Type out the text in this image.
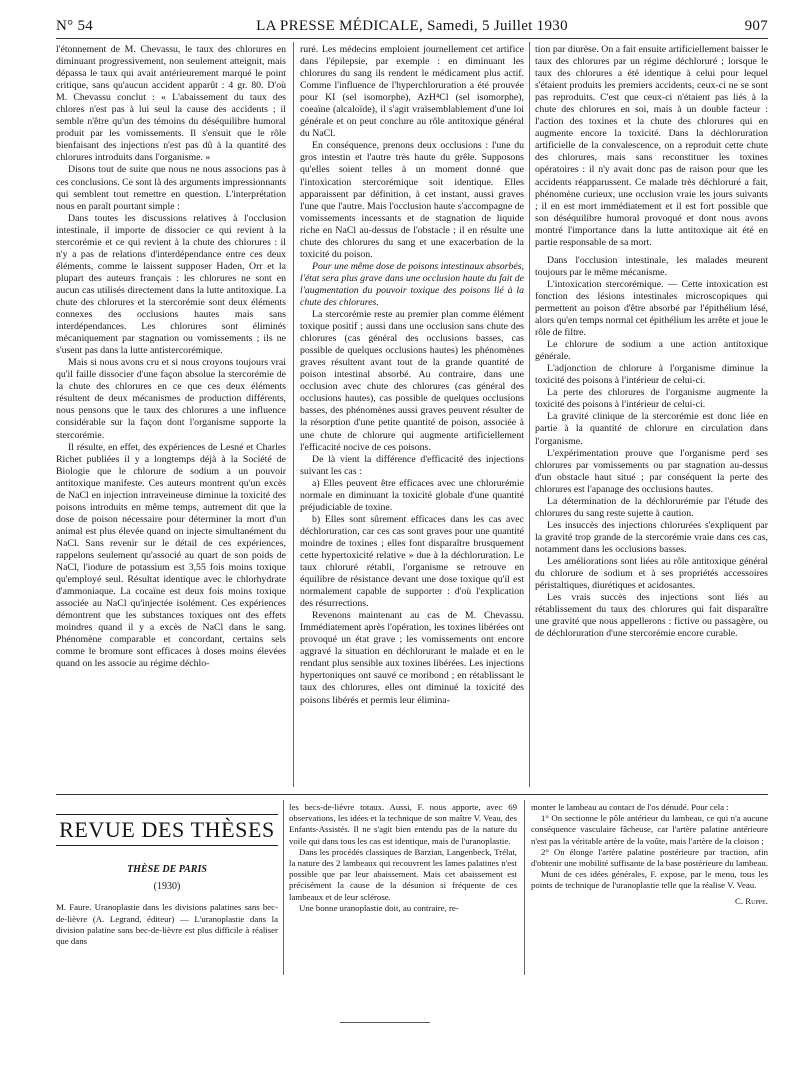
N° 54	LA PRESSE MÉDICALE, Samedi, 5 Juillet 1930	907

l'étonnement de M. Chevassu, le taux des chlorures en diminuant progressivement, non seulement atteignit, mais dépassa le taux qui avait antérieurement marqué le point critique, sans qu'aucun accident apparût : 4 gr. 80. D'où M. Chevassu conclut : « L'abaissement du taux des chlores n'est pas à lui seul la cause des accidents ; il semble n'être qu'un des témoins du déséquilibre humoral produit par les vomissements. Il s'ensuit que le rôle bienfaisant des injections n'est pas dû à la quantité des chlorures introduits dans l'organisme. »

Disons tout de suite que nous ne nous associons pas à ces conclusions. Ce sont là des arguments impressionnants qui semblent tout remettre en question. L'interprétation nous en paraît pourtant simple :

Dans toutes les discussions relatives à l'occlusion intestinale, il importe de dissocier ce qui revient à la stercorémie et ce qui revient à la chute des chlorures : il n'y a pas de relations d'interdépendance entre ces deux éléments, comme le laissent supposer Haden, Orr et la plupart des auteurs français : les chlorures ne sont en aucun cas utilisés directement dans la lutte antitoxique. La chute des chlorures et la stercorémie sont deux éléments connexes des occlusions hautes mais sans interdépendances. Les chlorures sont éliminés mécaniquement par stagnation ou vomissements ; ils ne s'usent pas dans la lutte antistercorémique.

Mais si nous avons cru et si nous croyons toujours vrai qu'il faille dissocier d'une façon absolue la stercorémie de la chute des chlorures en ce que ces deux éléments résultent de deux mécanismes de production différents, nous pensons que le taux des chlorures a une influence considérable sur la façon dont l'organisme supporte la stercorémie.

Il résulte, en effet, des expériences de Lesné et Charles Richet publiées il y a longtemps déjà à la Société de Biologie que le chlorure de sodium a un pouvoir antitoxique manifeste. Ces auteurs montrent qu'un excès de NaCl en injection intraveineuse diminue la toxicité des poisons introduits en même temps, autrement dit que la dose de poison nécessaire pour déterminer la mort d'un animal est plus élevée quand on injecte simultanément du NaCl. Sans revenir sur le détail de ces expériences, rappelons seulement qu'associé au quart de son poids de NaCl, l'iodure de potassium est 3,55 fois moins toxique qu'employé seul. Résultat identique avec le chlorhydrate d'ammoniaque. La cocaïne est deux fois moins toxique associée au NaCl qu'injectée isolément. Ces expériences démontrent que les substances toxiques ont des effets moindres quand il y a excès de NaCl dans le sang. Phénomène comparable et concordant, certains sels comme le bromure sont efficaces à doses moins élevées quand on les associe au régime déchlo-

ruré. Les médecins emploient journellement cet artifice dans l'épilepsie, par exemple : en diminuant les chlorures du sang ils rendent le médicament plus actif. Comme l'influence de l'hyperchloruration a été prouvée pour KI (sel isomorphe), AzH⁴Cl (sel isomorphe), coeaïne (alcaloïde), il s'agit vraisemblablement d'une loi générale et on peut conclure au rôle antitoxique général du NaCl.

En conséquence, prenons deux occlusions : l'une du gros intestin et l'autre très haute du grêle. Supposons qu'elles soient telles à un moment donné que l'intoxication stercorémique soit identique. Elles apparaissent par définition, à cet instant, aussi graves l'une que l'autre. Mais l'occlusion haute s'accompagne de vomissements incessants et de stagnation de liquide riche en NaCl au-dessus de l'obstacle ; il en résulte une chute des chlorures du sang et une exacerbation de la toxicité du poison.

Pour une même dose de poisons intestinaux absorbés, l'état sera plus grave dans une occlusion haute du fait de l'augmentation du pouvoir toxique des poisons lié à la chute des chlorures.

La stercorémie reste au premier plan comme élément toxique positif ; aussi dans une occlusion sans chute des chlorures (cas général des occlusions basses, cas possible de quelques occlusions hautes) les phénomènes graves résultent avant tout de la grande quantité de poison intestinal absorbé. Au contraire, dans une occlusion avec chute des chlorures (cas général des occlusions hautes), cas possible de quelques occlusions basses, des phénomènes aussi graves peuvent résulter de la résorption d'une petite quantité de poison, associée à une chute de chlorure qui augmente artificiellement l'efficacité nocive de ces poisons.

De là vient la différence d'efficacité des injections suivant les cas :

a) Elles peuvent être efficaces avec une chlorurémie normale en diminuant la toxicité globale d'une quantité préjudiciable de toxine.

b) Elles sont sûrement efficaces dans les cas avec déchloruration, car ces cas sont graves pour une quantité moindre de toxines ; elles font disparaître brusquement cette hypertoxicité relative » due à la déchloruration. Le taux chloruré rétabli, l'organisme se retrouve en équilibre de résistance devant une dose toxique qu'il est normalement capable de supporter : d'où l'explication des résurrections.

Revenons maintenant au cas de M. Chevassu. Immédiatement après l'opération, les toxines libérées ont provoqué un état grave ; les vomissements ont encore aggravé la situation en déchlorurant le malade et en le rendant plus sensible aux toxines libérées. Les injections hypertoniques ont sauvé ce moribond ; en rétablissant le taux des chlorures, elles ont diminué la toxicité des poisons libérés et permis leur élimina-

tion par diurèse. On a fait ensuite artificiellement baisser le taux des chlorures par un régime déchloruré ; lorsque le taux des chlorures a été identique à celui pour lequel s'étaient produits les premiers accidents, ceux-ci ne se sont pas reproduits. C'est que ceux-ci n'étaient pas liés à la chute des chlorures en soi, mais à un double facteur : l'action des toxines et la chute des chlorures qui en augmente encore la toxicité. Dans la déchloruration artificielle de la convalescence, on a reproduit cette chute des chlorures, mais sans reconstituer les toxines opératoires : il n'y avait donc pas de raison pour que les accidents réapparussent. Ce malade très déchloruré a fait, phénomène curieux, une occlusion vraie les jours suivants ; il en est mort immédiatement et il est fort possible que son déséquilibre humoral provoqué et dont nous avons montré l'importance dans la lutte antitoxique ait été en partie responsable de sa mort.

Dans l'occlusion intestinale, les malades meurent toujours par le même mécanisme.

L'intoxication stercorémique. — Cette intoxication est fonction des lésions intestinales microscopiques qui permettent au poison d'être absorbé par l'épithélium lésé, alors qu'en temps normal cet épithélium les arrête et joue le rôle de filtre.

Le chlorure de sodium a une action antitoxique générale.

L'adjonction de chlorure à l'organisme diminue la toxicité des poisons à l'intérieur de celui-ci.

La perte des chlorures de l'organisme augmente la toxicité des poisons à l'intérieur de celui-ci.

La gravité clinique de la stercorémie est donc liée en partie à la quantité de chlorure en circulation dans l'organisme.

L'expérimentation prouve que l'organisme perd ses chlorures par vomissements ou par stagnation au-dessus d'un obstacle haut situé ; par conséquent la perte des chlorures est l'apanage des occlusions hautes.

La détermination de la déchlorurémie par l'étude des chlorures du sang reste sujette à caution.

Les insuccès des injections chlorurées s'expliquent par la gravité trop grande de la stercorémie vraie dans ces cas, notamment dans les occlusions basses.

Les améliorations sont liées au rôle antitoxique général du chlorure de sodium et à ses propriétés accessoires péristaltiques, diurétiques et acidosantes.

Les vrais succès des injections sont liés au rétablissement du taux des chlorures qui fait disparaître une gravité que nous appellerons : fictive ou passagère, ou de déchloruration d'une stercorémie encore curable.

REVUE DES THÈSES
THÈSE DE PARIS
(1930)

M. Faure. Uranoplastie dans les divisions palatines sans bec-de-lièvre (A. Legrand, éditeur) — L'uranoplastie dans la division palatine sans bec-de-lièvre est plus difficile à réaliser que dans

les becs-de-lièvre totaux. Aussi, F. nous apporte, avec 69 observations, les idées et la technique de son maître V. Veau, des Enfants-Assistés. Il ne s'agit bien entendu pas de la nature du voile qui dans tous les cas est identique, mais de l'uranoplastie.

Dans les procédés classiques de Barzian, Langenbeck, Trélat, la nature des 2 lambeaux qui recouvrent les lames palatines n'est possible que par leur abaissement. Mais cet abaissement est précisément la cause de la désunion si fréquente de ces lambeaux et de leur sclérose.

Une bonne uranoplastie doit, au contraire, re-

monter le lambeau au contact de l'os dénudé. Pour cela :

1° On sectionne le pôle antérieur du lambeau, ce qui n'a aucune conséquence vasculaire fâcheuse, car l'artère palatine antérieure n'est pas la véritable artère de la voûte, mais l'artère de la cloison ;

2° On élonge l'artère palatine postérieure par traction, afin d'obtenir une mobilité suffisante de la base postérieure du lambeau.

Muni de ces idées générales, F. expose, par le menu, tous les points de technique de l'uranoplastie telle que la réalise V. Veau.

C. Ruppe.
